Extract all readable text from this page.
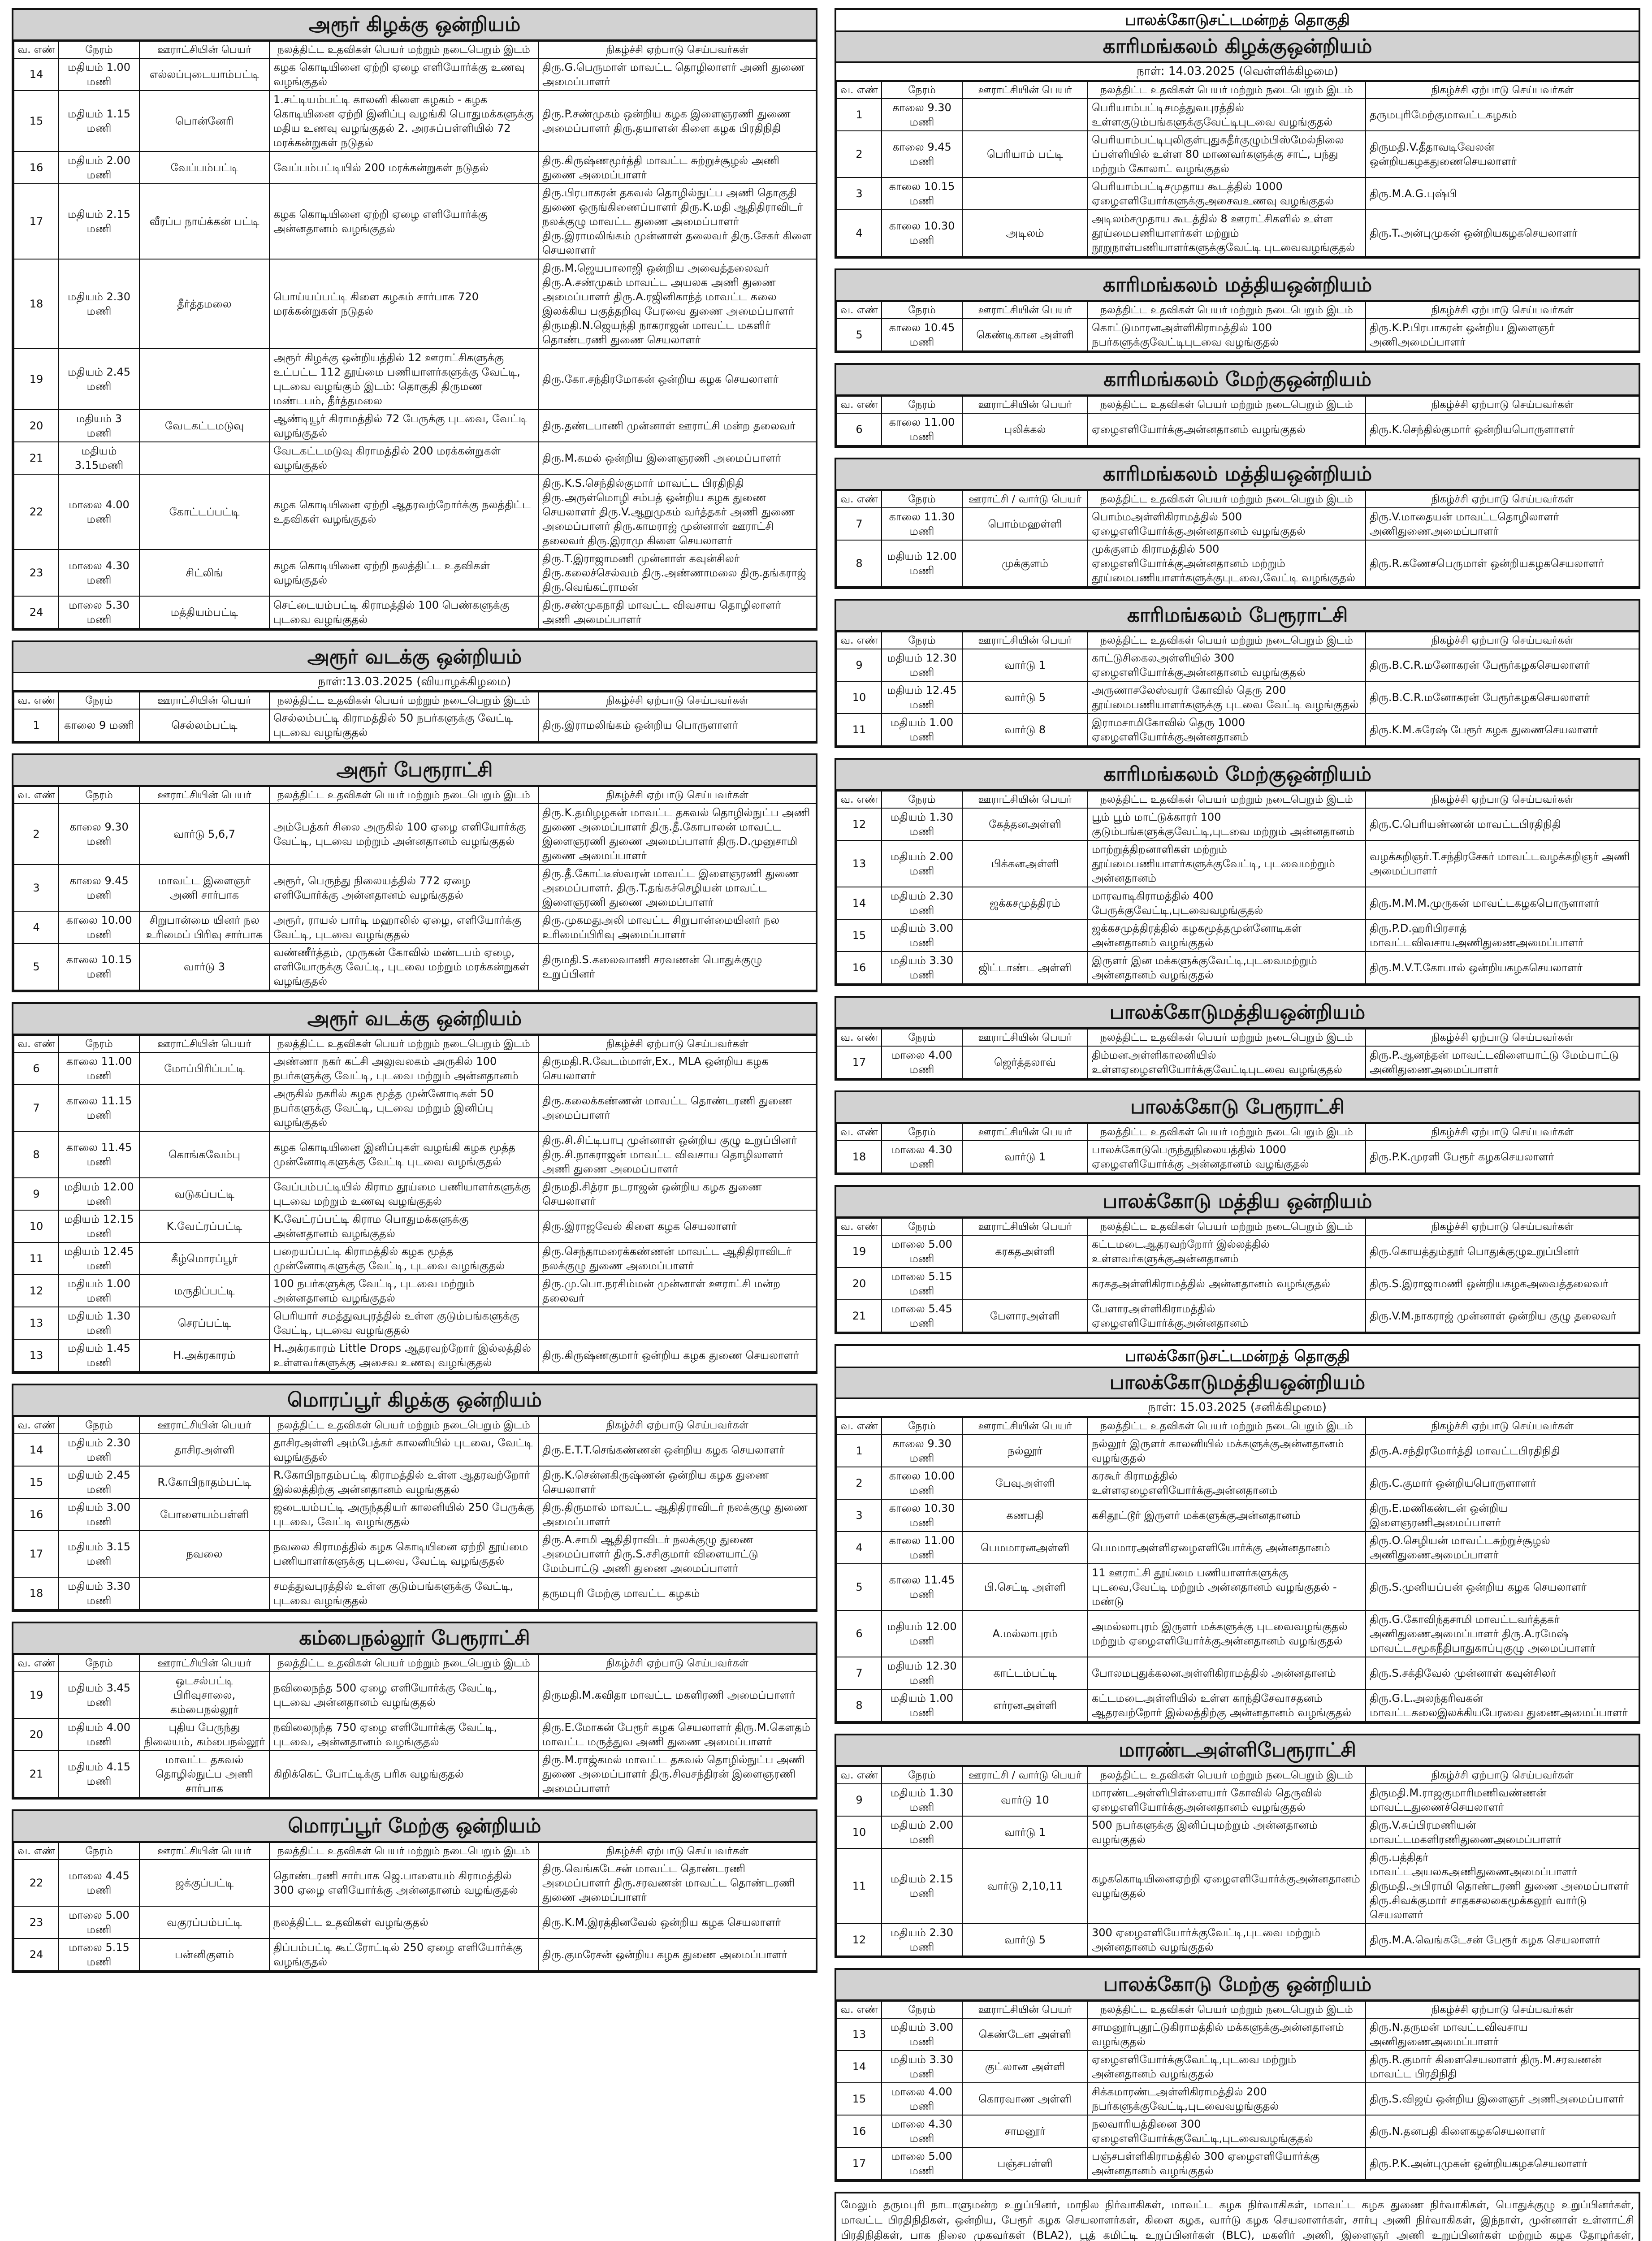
அரூர் கிழக்கு ஒன்றியம்
வ. எண்	நேரம்	ஊராட்சியின் பெயர்	நலத்திட்ட உதவிகள் பெயர் மற்றும் நடைபெறும் இடம்	நிகழ்ச்சி ஏற்பாடு செய்பவர்கள்
14	மதியம் 1.00 மணி	எல்லப்புடையாம்பட்டி	கழக கொடியினை ஏற்றி ஏழை எளியோர்க்கு உணவு வழங்குதல்	திரு.G.பெருமாள் மாவட்ட தொழிலாளர் அணி துணை அமைப்பாளர்
15	மதியம் 1.15 மணி	பொன்னேரி	1.சட்டியம்பட்டி காலனி கிளை கழகம் - கழக கொடியினை ஏற்றி இனிப்பு வழங்கி பொதுமக்களுக்கு மதிய உணவு வழங்குதல் 2. அரசுப்பள்ளியில் 72 மரக்கன்றுகள் நடுதல்	திரு.P.சண்முகம் ஒன்றிய கழக இளைஞரணி துணை அமைப்பாளர் திரு.தயாளன் கிளை கழக பிரதிநிதி
16	மதியம் 2.00 மணி	வேப்பம்பட்டி	வேப்பம்பட்டியில் 200 மரக்கன்றுகள் நடுதல்	திரு.கிருஷ்ணமூர்த்தி மாவட்ட சுற்றுச்சூழல் அணி துணை அமைப்பாளர்
17	மதியம் 2.15 மணி	வீரப்ப நாய்க்கன் பட்டி	கழக கொடியினை ஏற்றி ஏழை எளியோர்க்கு அன்னதானம் வழங்குதல்	திரு.பிரபாகரன் தகவல் தொழில்நுட்ப அணி தொகுதி துணை ஒருங்கிணைப்பாளர் திரு.K.மதி ஆதிதிராவிடர் நலக்குழு மாவட்ட துணை அமைப்பாளர் திரு.இராமலிங்கம் முன்னாள் தலைவர் திரு.சேகர் கிளை செயலாளர்
18	மதியம் 2.30 மணி	தீர்த்தமலை	பொய்யப்பட்டி கிளை கழகம் சார்பாக 720 மரக்கன்றுகள் நடுதல்	திரு.M.ஜெயபாலாஜி ஒன்றிய அவைத்தலைவர் திரு.A.சண்முகம் மாவட்ட அயலக அணி துணை அமைப்பாளர் திரு.A.ரஜினிகாந்த் மாவட்ட கலை இலக்கிய பகுத்தறிவு பேரவை துணை அமைப்பாளர் திருமதி.N.ஜெயந்தி நாகராஜன் மாவட்ட மகளிர் தொண்டரணி துணை செயலாளர்
19	மதியம் 2.45 மணி		அரூர் கிழக்கு ஒன்றியத்தில் 12 ஊராட்சிகளுக்கு உட்பட்ட 112 தூய்மை பணியாளர்களுக்கு வேட்டி, புடவை வழங்கும் இடம்: தொகுதி திருமண மண்டபம், தீர்த்தமலை	திரு.கோ.சந்திரமோகன் ஒன்றிய கழக செயலாளர்
20	மதியம் 3 மணி	வேடகட்டமடுவு	ஆண்டியூர் கிராமத்தில் 72 பேருக்கு புடவை, வேட்டி வழங்குதல்	திரு.தண்டபாணி முன்னாள் ஊராட்சி மன்ற தலைவர்
21	மதியம் 3.15மணி		வேடகட்டமடுவு கிராமத்தில் 200 மரக்கன்றுகள் வழங்குதல்	திரு.M.கமல் ஒன்றிய இளைஞரணி அமைப்பாளர்
22	மாலை 4.00 மணி	கோட்டப்பட்டி	கழக கொடியினை ஏற்றி ஆதரவற்றோர்க்கு நலத்திட்ட உதவிகள் வழங்குதல்	திரு.K.S.செந்தில்குமார் மாவட்ட பிரதிநிதி திரு.அருள்மொழி சம்பத் ஒன்றிய கழக துணை செயலாளர் திரு.V.ஆறுமுகம் வர்த்தகர் அணி துணை அமைப்பாளர் திரு.காமராஜ் முன்னாள் ஊராட்சி தலைவர் திரு.இராமு கிளை செயலாளர்
23	மாலை 4.30 மணி	சிட்லிங்	கழக கொடியினை ஏற்றி நலத்திட்ட உதவிகள் வழங்குதல்	திரு.T.இராஜாமணி முன்னாள் கவுன்சிலர் திரு.கலைச்செல்வம் திரு.அண்ணாமலை திரு.தங்கராஜ் திரு.வெங்கட்ராமன்
24	மாலை 5.30 மணி	மத்தியம்பட்டி	செட்டையம்பட்டி கிராமத்தில் 100 பெண்களுக்கு புடவை வழங்குதல்	திரு.சண்முகநாதி மாவட்ட விவசாய தொழிலாளர் அணி அமைப்பாளர்
அரூர் வடக்கு ஒன்றியம்
நாள்:13.03.2025 (வியாழக்கிழமை)
வ. எண்	நேரம்	ஊராட்சியின் பெயர்	நலத்திட்ட உதவிகள் பெயர் மற்றும் நடைபெறும் இடம்	நிகழ்ச்சி ஏற்பாடு செய்பவர்கள்
1	காலை 9 மணி	செல்லம்பட்டி	செல்லம்பட்டி கிராமத்தில் 50 நபர்களுக்கு வேட்டி புடவை வழங்குதல்	திரு.இராமலிங்கம் ஒன்றிய பொருளாளர்
அரூர் பேரூராட்சி
வ. எண்	நேரம்	ஊராட்சியின் பெயர்	நலத்திட்ட உதவிகள் பெயர் மற்றும் நடைபெறும் இடம்	நிகழ்ச்சி ஏற்பாடு செய்பவர்கள்
2	காலை 9.30 மணி	வார்டு 5,6,7	அம்பேத்கர் சிலை அருகில் 100 ஏழை எளியோர்க்கு வேட்டி, புடவை மற்றும் அன்னதானம் வழங்குதல்	திரு.K.தமிழழகன் மாவட்ட தகவல் தொழில்நுட்ப அணி துணை அமைப்பாளர் திரு.தீ.கோபாலன் மாவட்ட இளைஞரணி துணை அமைப்பாளர் திரு.D.முனுசாமி துணை அமைப்பாளர்
3	காலை 9.45 மணி	மாவட்ட இளைஞர் அணி சார்பாக	அரூர், பெருந்து நிலையத்தில் 772 ஏழை எளியோர்க்கு அன்னதானம் வழங்குதல்	திரு.தீ.கோட்டீஸ்வரன் மாவட்ட இளைஞரணி துணை அமைப்பாளர். திரு.T.தங்கச்செழியன் மாவட்ட இளைஞரணி துணை அமைப்பாளர்
4	காலை 10.00 மணி	சிறுபான்மை யினர் நல உரிமைப் பிரிவு சார்பாக	அரூர், ராயல் பார்டி மஹாலில் ஏழை, எளியோர்க்கு வேட்டி, புடவை வழங்குதல்	திரு.முகமதுஅலி மாவட்ட சிறுபான்மையினர் நல உரிமைப்பிரிவு அமைப்பாளர்
5	காலை 10.15 மணி	வார்டு 3	வண்ணீர்த்தம், முருகன் கோவில் மண்டபம் ஏழை, எளியோருக்கு வேட்டி, புடவை மற்றும் மரக்கன்றுகள் வழங்குதல்	திருமதி.S.கலைவாணி சரவணன் பொதுக்குழு உறுப்பினர்
அரூர் வடக்கு ஒன்றியம்
வ. எண்	நேரம்	ஊராட்சியின் பெயர்	நலத்திட்ட உதவிகள் பெயர் மற்றும் நடைபெறும் இடம்	நிகழ்ச்சி ஏற்பாடு செய்பவர்கள்
6	காலை 11.00 மணி	மோப்பிரிப்பட்டி	அண்ணா நகர் கட்சி அலுவலகம் அருகில் 100 நபர்களுக்கு வேட்டி, புடவை மற்றும் அன்னதானம்	திருமதி.R.வேடம்மாள்,Ex., MLA ஒன்றிய கழக செயலாளர்
7	காலை 11.15 மணி		அருகில் நகரில் கழக மூத்த முன்னோடிகள் 50 நபர்களுக்கு வேட்டி, புடவை மற்றும் இனிப்பு வழங்குதல்	திரு.கலைக்கண்ணன் மாவட்ட தொண்டரணி துணை அமைப்பாளர்
8	காலை 11.45 மணி	கொங்கவேம்பு	கழக கொடியினை இனிப்புகள் வழங்கி கழக மூத்த முன்னோடிகளுக்கு வேட்டி புடவை வழங்குதல்	திரு.சி.சிட்டிபாபு முன்னாள் ஒன்றிய குழு உறுப்பினர் திரு.சி.நாகராஜன் மாவட்ட விவசாய தொழிலாளர் அணி துணை அமைப்பாளர்
9	மதியம் 12.00 மணி	வடுகப்பட்டி	வேப்பம்பட்டியில் கிராம தூய்மை பணியாளர்களுக்கு புடவை மற்றும் உணவு வழங்குதல்	திருமதி.சித்ரா நடராஜன் ஒன்றிய கழக துணை செயலாளர்
10	மதியம் 12.15 மணி	K.வேட்ரப்பட்டி	K.வேட்ரப்பட்டி கிராம பொதுமக்களுக்கு அன்னதானம் வழங்குதல்	திரு.இராஜவேல் கிளை கழக செயலாளர்
11	மதியம் 12.45 மணி	கீழ்மொரப்பூர்	பறையப்பட்டி கிராமத்தில் கழக மூத்த முன்னோடிகளுக்கு வேட்டி, புடவை வழங்குதல்	திரு.செந்தாமரைக்கண்ணன் மாவட்ட ஆதிதிராவிடர் நலக்குழு துணை அமைப்பாளர்
12	மதியம் 1.00 மணி	மருதிப்பட்டி	100 நபர்களுக்கு வேட்டி, புடவை மற்றும் அன்னதானம் வழங்குதல்	திரு.மு.பொ.நரசிம்மன் முன்னாள் ஊராட்சி மன்ற தலைவர்
13	மதியம் 1.30 மணி	செரப்பட்டி	பெரியார் சமத்துவபுரத்தில் உள்ள குடும்பங்களுக்கு வேட்டி, புடவை வழங்குதல்	
13	மதியம் 1.45 மணி	H.அக்ரகாரம்	H.அக்ரகாரம் Little Drops ஆதரவற்றோர் இல்லத்தில் உள்ளவர்களுக்கு அசைவ உணவு வழங்குதல்	திரு.கிருஷ்ணகுமார் ஒன்றிய கழக துணை செயலாளர்
மொரப்பூர் கிழக்கு ஒன்றியம்
வ. எண்	நேரம்	ஊராட்சியின் பெயர்	நலத்திட்ட உதவிகள் பெயர் மற்றும் நடைபெறும் இடம்	நிகழ்ச்சி ஏற்பாடு செய்பவர்கள்
14	மதியம் 2.30 மணி	தாசிரஅள்ளி	தாசிரஅள்ளி அம்பேத்கர் காலனியில் புடவை, வேட்டி வழங்குதல்	திரு.E.T.T.செங்கண்ணன் ஒன்றிய கழக செயலாளர்
15	மதியம் 2.45 மணி	R.கோபிநாதம்பட்டி	R.கோபிநாதம்பட்டி கிராமத்தில் உள்ள ஆதரவற்றோர் இல்லத்திற்கு அன்னதானம் வழங்குதல்	திரு.K.சென்னகிருஷ்ணன் ஒன்றிய கழக துணை செயலாளர்
16	மதியம் 3.00 மணி	போளையம்பள்ளி	ஜடையம்பட்டி அருந்ததியர் காலனியில் 250 பேருக்கு புடவை, வேட்டி வழங்குதல்	திரு.திருமால் மாவட்ட ஆதிதிராவிடர் நலக்குழு துணை அமைப்பாளர்
17	மதியம் 3.15 மணி	நவலை	நவலை கிராமத்தில் கழக கொடியினை ஏற்றி தூய்மை பணியாளர்களுக்கு புடவை, வேட்டி வழங்குதல்	திரு.A.சாமி ஆதிதிராவிடர் நலக்குழு துணை அமைப்பாளர் திரு.S.சசிகுமார் விளையாட்டு மேம்பாட்டு அணி துணை அமைப்பாளர்
18	மதியம் 3.30 மணி		சமத்துவபுரத்தில் உள்ள குடும்பங்களுக்கு வேட்டி, புடவை வழங்குதல்	தருமபுரி மேற்கு மாவட்ட கழகம்
கம்பைநல்லூர் பேரூராட்சி
வ. எண்	நேரம்	ஊராட்சியின் பெயர்	நலத்திட்ட உதவிகள் பெயர் மற்றும் நடைபெறும் இடம்	நிகழ்ச்சி ஏற்பாடு செய்பவர்கள்
19	மதியம் 3.45 மணி	ஒடசல்பட்டி பிரிவுசாலை, கம்பைநல்லூர்	நவிலைநந்த 500 ஏழை எளியோர்க்கு வேட்டி, புடவை அன்னதானம் வழங்குதல்	திருமதி.M.கவிதா மாவட்ட மகளிரணி அமைப்பாளர்
20	மதியம் 4.00 மணி	புதிய பேருந்து நிலையம், கம்பைநல்லூர்	நவிலைநந்த 750 ஏழை எளியோர்க்கு வேட்டி, புடவை, அன்னதானம் வழங்குதல்	திரு.E.மோகன் பேரூர் கழக செயலாளர் திரு.M.கௌதம் மாவட்ட மருத்துவ அணி துணை அமைப்பாளர்
21	மதியம் 4.15 மணி	மாவட்ட தகவல் தொழில்நுட்ப அணி சார்பாக	கிறிக்கெட் போட்டிக்கு பரிசு வழங்குதல்	திரு.M.ராஜ்கமல் மாவட்ட தகவல் தொழில்நுட்ப அணி துணை அமைப்பாளர் திரு.சிவசந்திரன் இளைஞரணி அமைப்பாளர்
மொரப்பூர் மேற்கு ஒன்றியம்
வ. எண்	நேரம்	ஊராட்சியின் பெயர்	நலத்திட்ட உதவிகள் பெயர் மற்றும் நடைபெறும் இடம்	நிகழ்ச்சி ஏற்பாடு செய்பவர்கள்
22	மாலை 4.45 மணி	ஜக்குப்பட்டி	தொண்டரணி சார்பாக ஜெ.பாளையம் கிராமத்தில் 300 ஏழை எளியோர்க்கு அன்னதானம் வழங்குதல்	திரு.வெங்கடேசன் மாவட்ட தொண்டரணி அமைப்பாளர் திரு.சரவணன் மாவட்ட தொண்டரணி துணை அமைப்பாளர்
23	மாலை 5.00 மணி	வகுரப்பம்பட்டி	நலத்திட்ட உதவிகள் வழங்குதல்	திரு.K.M.இரத்தினவேல் ஒன்றிய கழக செயலாளர்
24	மாலை 5.15 மணி	பன்னிகுளம்	திப்பம்பட்டி கூட்ரோட்டில் 250 ஏழை எளியோர்க்கு வழங்குதல்	திரு.குமரேசன் ஒன்றிய கழக துணை அமைப்பாளர்
பாலக்கோடுசட்டமன்றத் தொகுதி
காரிமங்கலம் கிழக்குஒன்றியம்
நாள்: 14.03.2025 (வெள்ளிக்கிழமை)
வ. எண்	நேரம்	ஊராட்சியின் பெயர்	நலத்திட்ட உதவிகள் பெயர் மற்றும் நடைபெறும் இடம்	நிகழ்ச்சி ஏற்பாடு செய்பவர்கள்
1	காலை 9.30 மணி		பெரியாம்பட்டிசமத்துவபுரத்தில் உள்ளகுடும்பங்களுக்குவேட்டிபுடவை வழங்குதல்	தருமபுரிமேற்குமாவட்டகழகம்
2	காலை 9.45 மணி	பெரியாம் பட்டி	பெரியாம்பட்டிபுலிகுள்புதுசுதீர்குழும்பிஸ்மேல்நிலை ப்பள்ளியில் உள்ள 80 மாணவர்களுக்கு சாட், பந்து மற்றும் கோலாட் வழங்குதல்	திருமதி.V.தீதாவடிவேலன் ஒன்றியகழகதுணைசெயலாளர்
3	காலை 10.15 மணி		பெரியாம்பட்டிசமுதாய கூடத்தில் 1000 ஏழைஎளியோர்களுக்குஅசைவஉணவு வழங்குதல்	திரு.M.A.G.புஷ்பி
4	காலை 10.30 மணி	அடிலம்	அடிலம்சமுதாய கூடத்தில் 8 ஊராட்சிகளில் உள்ள தூய்மைபணியாளர்கள் மற்றும் நூறுநாள்பணியாளர்களுக்குவேட்டி புடவைவழங்குதல்	திரு.T.அன்புமுகன் ஒன்றியகழகசெயலாளர்
காரிமங்கலம் மத்தியஒன்றியம்
வ. எண்	நேரம்	ஊராட்சியின் பெயர்	நலத்திட்ட உதவிகள் பெயர் மற்றும் நடைபெறும் இடம்	நிகழ்ச்சி ஏற்பாடு செய்பவர்கள்
5	காலை 10.45 மணி	கெண்டிகான அள்ளி	கொட்டுமாரனஅள்ளிகிராமத்தில் 100 நபர்களுக்குவேட்டிபுடவை வழங்குதல்	திரு.K.P.பிரபாகரன் ஒன்றிய இளைஞர் அணிஅமைப்பாளர்
காரிமங்கலம் மேற்குஒன்றியம்
வ. எண்	நேரம்	ஊராட்சியின் பெயர்	நலத்திட்ட உதவிகள் பெயர் மற்றும் நடைபெறும் இடம்	நிகழ்ச்சி ஏற்பாடு செய்பவர்கள்
6	காலை 11.00 மணி	புலிக்கல்	ஏழைஎளியோர்க்குஅன்னதானம் வழங்குதல்	திரு.K.செந்தில்குமார் ஒன்றியபொருளாளர்
காரிமங்கலம் மத்தியஒன்றியம்
வ. எண்	நேரம்	ஊராட்சி / வார்டு பெயர்	நலத்திட்ட உதவிகள் பெயர் மற்றும் நடைபெறும் இடம்	நிகழ்ச்சி ஏற்பாடு செய்பவர்கள்
7	காலை 11.30 மணி	பொம்மஹள்ளி	பொம்மஅள்ளிகிராமத்தில் 500 ஏழைஎளியோர்க்குஅன்னதானம் வழங்குதல்	திரு.V.மாதையன் மாவட்டதொழிலாளர் அணிதுணைஅமைப்பாளர்
8	மதியம் 12.00 மணி	முக்குளம்	முக்குளம் கிராமத்தில் 500 ஏழைஎளியோர்க்குஅன்னதானம் மற்றும் தூய்மைபணியாளர்களுக்குபுடவை,வேட்டி வழங்குதல்	திரு.R.கணேசபெருமாள் ஒன்றியகழகசெயலாளர்
காரிமங்கலம் பேரூராட்சி
வ. எண்	நேரம்	ஊராட்சியின் பெயர்	நலத்திட்ட உதவிகள் பெயர் மற்றும் நடைபெறும் இடம்	நிகழ்ச்சி ஏற்பாடு செய்பவர்கள்
9	மதியம் 12.30 மணி	வார்டு 1	காட்டுசிகைலஅள்ளியில் 300 ஏழைஎளியோர்க்குஅன்னதானம் வழங்குதல்	திரு.B.C.R.மனோகரன் பேரூர்கழகசெயலாளர்
10	மதியம் 12.45 மணி	வார்டு 5	அருணாசலேஸ்வரர் கோவில் தெரு 200 தூய்மைபணியாளர்களுக்கு புடவை வேட்டி வழங்குதல்	திரு.B.C.R.மனோகரன் பேரூர்கழகசெயலாளர்
11	மதியம் 1.00 மணி	வார்டு 8	இராமசாமிகோவில் தெரு 1000 ஏழைஎளியோர்க்குஅன்னதானம்	திரு.K.M.சுரேஷ் பேரூர் கழக துணைசெயலாளர்
காரிமங்கலம் மேற்குஒன்றியம்
வ. எண்	நேரம்	ஊராட்சியின் பெயர்	நலத்திட்ட உதவிகள் பெயர் மற்றும் நடைபெறும் இடம்	நிகழ்ச்சி ஏற்பாடு செய்பவர்கள்
12	மதியம் 1.30 மணி	கேத்தனஅள்ளி	பூம் பூம் மாட்டுக்காரர் 100 குடும்பங்களுக்குவேட்டி,புடவை மற்றும் அன்னதானம்	திரு.C.பெரியண்ணன் மாவட்டபிரதிநிதி
13	மதியம் 2.00 மணி	பிக்கனஅள்ளி	மாற்றுத்திறனாளிகள் மற்றும் தூய்மைபணியாளர்களுக்குவேட்டி, புடவைமற்றும் அன்னதானம்	வழக்கறிஞர்.T.சந்திரசேகர் மாவட்டவழக்கறிஞர் அணி அமைப்பாளர்
14	மதியம் 2.30 மணி	ஜக்கசமுத்திரம்	மாரவாடிகிராமத்தில் 400 பேருக்குவேட்டி,புடவைவழங்குதல்	திரு.M.M.M.முருகன் மாவட்டகழகபொருளாளர்
15	மதியம் 3.00 மணி		ஜக்கசமுத்திரத்தில் கழகமூத்தமுன்னோடிகள் அன்னதானம் வழங்குதல்	திரு.P.D.ஹரிபிரசாத் மாவட்டவிவசாயஅணிதுணைஅமைப்பாளர்
16	மதியம் 3.30 மணி	ஜிட்டாண்ட அள்ளி	இருளர் இன மக்களுக்குவேட்டி,புடவைமற்றும் அன்னதானம் வழங்குதல்	திரு.M.V.T.கோபால் ஒன்றியகழகசெயலாளர்
பாலக்கோடுமத்தியஒன்றியம்
வ. எண்	நேரம்	ஊராட்சியின் பெயர்	நலத்திட்ட உதவிகள் பெயர் மற்றும் நடைபெறும் இடம்	நிகழ்ச்சி ஏற்பாடு செய்பவர்கள்
17	மாலை 4.00 மணி	ஜெர்த்தலாவ்	திம்மனஅள்ளிகாலனியில் உள்ளஏழைஎளியோர்க்குவேட்டிபுடவை வழங்குதல்	திரு.P.ஆனந்தன் மாவட்டவிளையாட்டு மேம்பாட்டு அணிதுணைஅமைப்பாளர்
பாலக்கோடு பேரூராட்சி
வ. எண்	நேரம்	ஊராட்சியின் பெயர்	நலத்திட்ட உதவிகள் பெயர் மற்றும் நடைபெறும் இடம்	நிகழ்ச்சி ஏற்பாடு செய்பவர்கள்
18	மாலை 4.30 மணி	வார்டு 1	பாலக்கோடுபெருந்துநிலையத்தில் 1000 ஏழைஎளியோர்க்கு அன்னதானம் வழங்குதல்	திரு.P.K.முரளி பேரூர் கழகசெயலாளர்
பாலக்கோடு மத்திய ஒன்றியம்
வ. எண்	நேரம்	ஊராட்சியின் பெயர்	நலத்திட்ட உதவிகள் பெயர் மற்றும் நடைபெறும் இடம்	நிகழ்ச்சி ஏற்பாடு செய்பவர்கள்
19	மாலை 5.00 மணி	கரகதஅள்ளி	கட்டமடைஆதரவற்றோர் இல்லத்தில் உள்ளவர்களுக்குஅன்னதானம்	திரு.கொயத்தும்தூர் பொதுக்குழுஉறுப்பினர்
20	மாலை 5.15 மணி		கரகதஅள்ளிகிராமத்தில் அன்னதானம் வழங்குதல்	திரு.S.இராஜாமணி ஒன்றியகழகஅவைத்தலைவர்
21	மாலை 5.45 மணி	பேளாரஅள்ளி	பேளாரஅள்ளிகிராமத்தில் ஏழைஎளியோர்க்குஅன்னதானம்	திரு.V.M.நாகராஜ் முன்னாள் ஒன்றிய குழு தலைவர்
பாலக்கோடுசட்டமன்றத் தொகுதி
பாலக்கோடுமத்தியஒன்றியம்
நாள்: 15.03.2025 (சனிக்கிழமை)
வ. எண்	நேரம்	ஊராட்சியின் பெயர்	நலத்திட்ட உதவிகள் பெயர் மற்றும் நடைபெறும் இடம்	நிகழ்ச்சி ஏற்பாடு செய்பவர்கள்
1	காலை 9.30 மணி	நல்லூர்	நல்லூர் இருளர் காலனியில் மக்களுக்குஅன்னதானம் வழங்குதல்	திரு.A.சந்திரமோர்த்தி மாவட்டபிரதிநிதி
2	காலை 10.00 மணி	பேவுஅள்ளி	கரகூர் கிராமத்தில் உள்ளஏழைஎளியோர்க்குஅன்னதானம்	திரு.C.குமார் ஒன்றியபொருளாளர்
3	காலை 10.30 மணி	கணபதி	கசிதூட்டூர் இருளர் மக்களுக்குஅன்னதானம்	திரு.E.மணிகண்டன் ஒன்றிய இளைஞரணிஅமைப்பாளர்
4	காலை 11.00 மணி	பெமமாரனஅள்ளி	பெமமாரஅள்ளிஏழைஎளியோர்க்கு அன்னதானம்	திரு.O.செழியன் மாவட்டசுற்றுச்சூழல் அணிதுணைஅமைப்பாளர்
5	காலை 11.45 மணி	பி.செட்டி அள்ளி	11 ஊராட்சி தூய்மை பணியாளர்களுக்கு புடவை,வேட்டி மற்றும் அன்னதானம் வழங்குதல் - மண்டு	திரு.S.முனியப்பன் ஒன்றிய கழக செயலாளர்
6	மதியம் 12.00 மணி	A.மல்லாபுரம்	அமல்லாபுரம் இருளர் மக்களுக்கு புடவைவழங்குதல் மற்றும் ஏழைஎளியோர்க்குஅன்னதானம் வழங்குதல்	திரு.G.கோவிந்தசாமி மாவட்டவர்த்தகர் அணிதுணைஅமைப்பாளர் திரு.A.ரமேஷ் மாவட்டசமூகநீதிபாதுகாப்புகுழு அமைப்பாளர்
7	மதியம் 12.30 மணி	காட்டம்பட்டி	போலமபுதுக்கலனஅள்ளிகிராமத்தில் அன்னதானம்	திரு.S.சக்திவேல் முன்னாள் கவுன்சிலர்
8	மதியம் 1.00 மணி	எர்ரனஅள்ளி	கட்டமடைஅள்ளியில் உள்ள காந்திசேவாசதனம் ஆதரவற்றோர் இல்லத்திற்கு அன்னதானம் வழங்குதல்	திரு.G.L.அலந்தரிவகன் மாவட்டகலைஇலக்கியபேரவை துணைஅமைப்பாளர்
மாரண்டஅள்ளிபேரூராட்சி
வ. எண்	நேரம்	ஊராட்சி / வார்டு பெயர்	நலத்திட்ட உதவிகள் பெயர் மற்றும் நடைபெறும் இடம்	நிகழ்ச்சி ஏற்பாடு செய்பவர்கள்
9	மதியம் 1.30 மணி	வார்டு 10	மாரண்டஅள்ளிபிள்ளையார் கோவில் தெருவில் ஏழைஎளியோர்க்குஅன்னதானம் வழங்குதல்	திருமதி.M.ராஜகுமாரிமணிவண்ணன் மாவட்டதுணைச்செயலாளர்
10	மதியம் 2.00 மணி	வார்டு 1	500 நபர்களுக்கு இனிப்புமற்றும் அன்னதானம் வழங்குதல்	திரு.V.சுப்பிரமணியன் மாவட்டமகளிரணிதுணைஅமைப்பாளர்
11	மதியம் 2.15 மணி	வார்டு 2,10,11	கழககொடியினைஏற்றி ஏழைஎளியோர்க்குஅன்னதானம் வழங்குதல்	திரு.பத்திதர் மாவட்டஅயலகஅணிதுணைஅமைப்பாளர் திருமதி.அபிராமி தொண்டரணி துணை அமைப்பாளர் திரு.சிவக்குமார் சாதகசலகைமூக்கலூர் வார்டு செயலாளர்
12	மதியம் 2.30 மணி	வார்டு 5	300 ஏழைஎளியோர்க்குவேட்டி,புடவை மற்றும் அன்னதானம் வழங்குதல்	திரு.M.A.வெங்கடேசன் பேரூர் கழக செயலாளர்
பாலக்கோடு மேற்கு ஒன்றியம்
வ. எண்	நேரம்	ஊராட்சியின் பெயர்	நலத்திட்ட உதவிகள் பெயர் மற்றும் நடைபெறும் இடம்	நிகழ்ச்சி ஏற்பாடு செய்பவர்கள்
13	மதியம் 3.00 மணி	கெண்டேன அள்ளி	சாமனூர்புதூட்டுகிராமத்தில் மக்களுக்குஅன்னதானம் வழங்குதல்	திரு.N.தருமன் மாவட்டவிவசாய அணிதுணைஅமைப்பாளர்
14	மதியம் 3.30 மணி	குட்லான அள்ளி	ஏழைஎளியோர்க்குவேட்டி,புடவை மற்றும் அன்னதானம் வழங்குதல்	திரு.R.குமார் கிளைசெயலாளர் திரு.M.சரவணன் மாவட்ட பிரதிநிதி
15	மாலை 4.00 மணி	கொரவாண அள்ளி	சிக்கமாரண்டஅள்ளிகிராமத்தில் 200 நபர்களுக்குவேட்டி,புடவைவழங்குதல்	திரு.S.விஜய் ஒன்றிய இளைஞர் அணிஅமைப்பாளர்
16	மாலை 4.30 மணி	சாமனூர்	நலவாரியத்தினை 300 ஏழைஎளியோர்க்குவேட்டி,புடவைவழங்குதல்	திரு.N.தனபதி கிளைகழகசெயலாளர்
17	மாலை 5.00 மணி	பஞ்சபள்ளி	பஞ்சபள்ளிகிராமத்தில் 300 ஏழைஎளியோர்க்கு அன்னதானம் வழங்குதல்	திரு.P.K.அன்புமுகன் ஒன்றியகழகசெயலாளர்
மேலும் தருமபுரி நாடாளுமன்ற உறுப்பினர், மாநில நிர்வாகிகள், மாவட்ட கழக நிர்வாகிகள், மாவட்ட கழக துணை நிர்வாகிகள், பொதுக்குழு உறுப்பினர்கள், மாவட்ட பிரதிநிதிகள், ஒன்றிய, பேரூர் கழக செயலாளர்கள், கிளை கழக, வார்டு கழக செயலாளர்கள், சார்பு அணி நிர்வாகிகள், இந்நாள், முன்னாள் உள்ளாட்சி பிரதிநிதிகள், பாக நிலை முகவர்கள் (BLA2), பூத் கமிட்டி உறுப்பினர்கள் (BLC), மகளிர் அணி, இளைஞர் அணி உறுப்பினர்கள் மற்றும் கழக தோழர்கள்,
